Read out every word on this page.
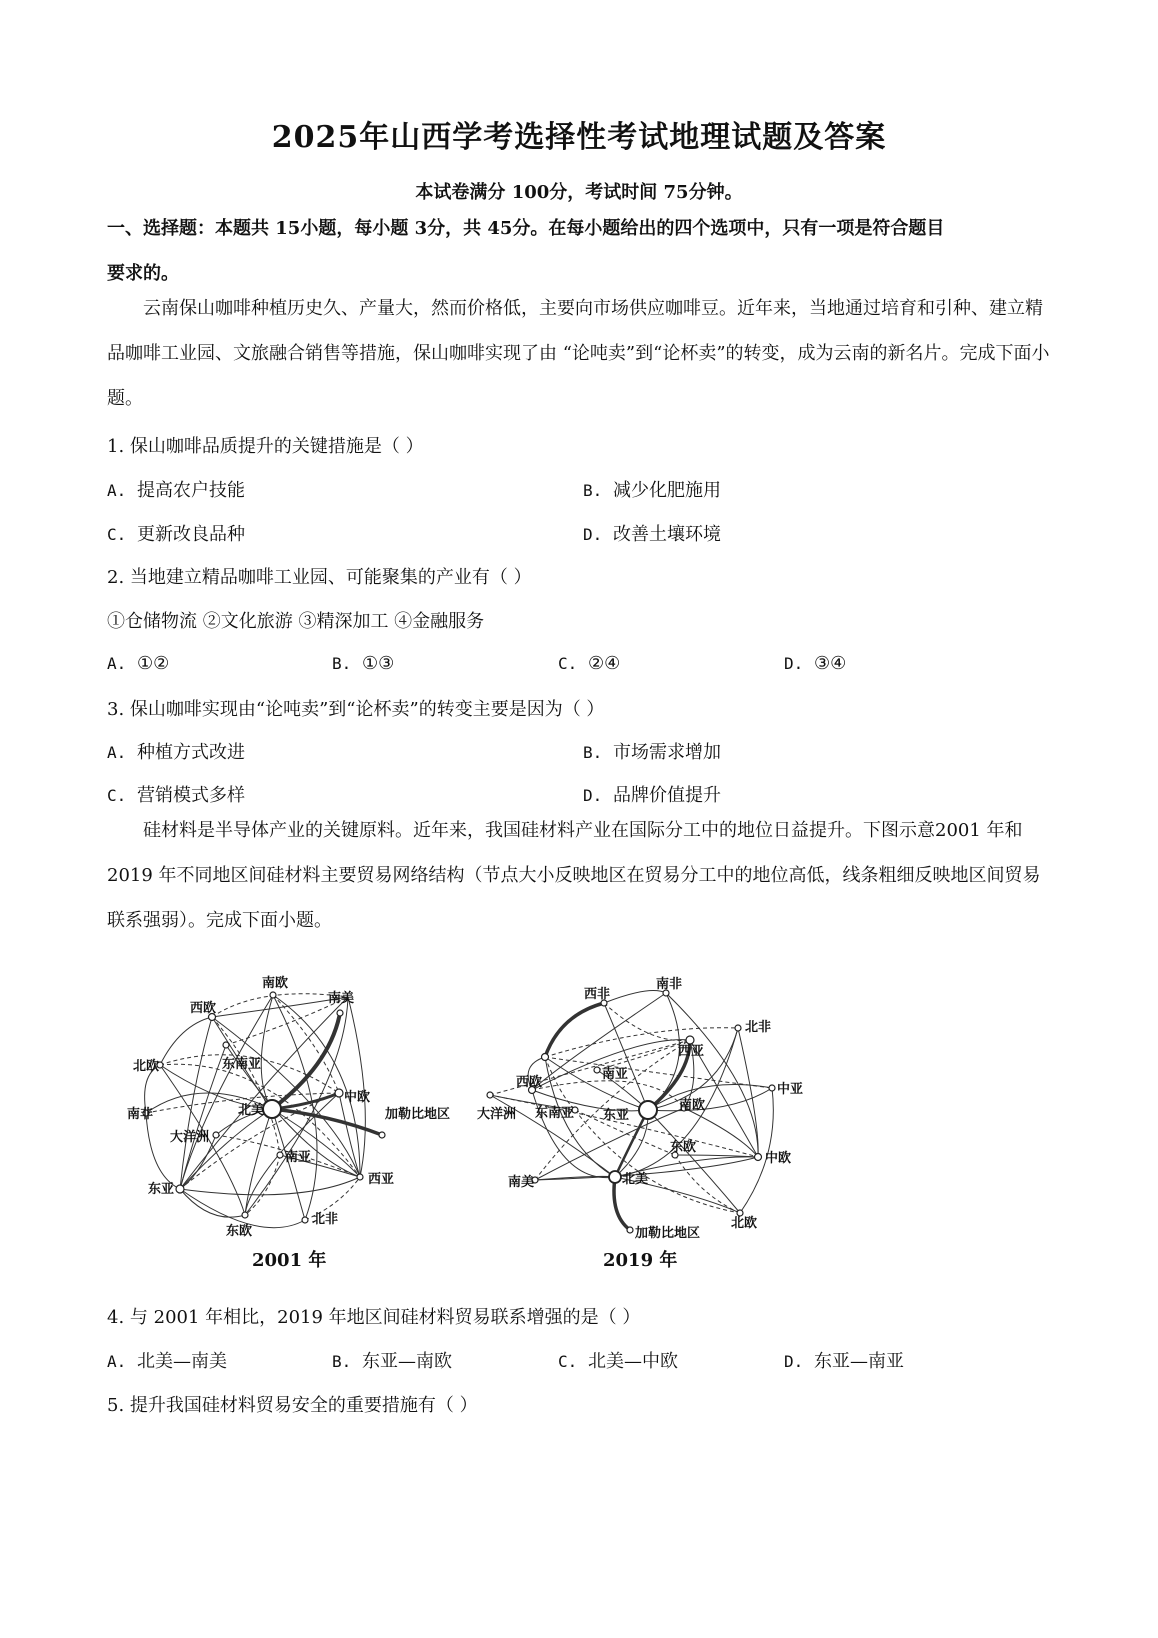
2025年山西学考选择性考试地理试题及答案
本试卷满分 100分，考试时间 75分钟。
一、选择题：本题共 15小题，每小题 3分，共 45分。在每小题给出的四个选项中，只有一项是符合题目
要求的。
云南保山咖啡种植历史久、产量大，然而价格低，主要向市场供应咖啡豆。近年来，当地通过培育和引种、建立精品咖啡工业园、文旅融合销售等措施，保山咖啡实现了由 “论吨卖”到“论杯卖”的转变，成为云南的新名片。完成下面小题。
1. 保山咖啡品质提升的关键措施是（ ）
A. 提高农户技能	B. 减少化肥施用
C. 更新改良品种	D. 改善土壤环境
2. 当地建立精品咖啡工业园、可能聚集的产业有（ ）
①仓储物流 ②文化旅游 ③精深加工 ④金融服务
A. ①②	B. ①③	C. ②④	D. ③④
3. 保山咖啡实现由“论吨卖”到“论杯卖”的转变主要是因为（ ）
A. 种植方式改进	B. 市场需求增加
C. 营销模式多样	D. 品牌价值提升
硅材料是半导体产业的关键原料。近年来，我国硅材料产业在国际分工中的地位日益提升。下图示意2001 年和 2019 年不同地区间硅材料主要贸易网络结构（节点大小反映地区在贸易分工中的地位高低，线条粗细反映地区间贸易联系强弱）。完成下面小题。
南欧
西欧
南美
北欧	东南亚
南非	北美
中欧
加勒比地区
大洋洲
南亚
西亚
东亚
东欧
北非
2001 年
西非
南非
北非
西欧
南亚
西亚
中亚
大洋洲 东南亚 东亚
南欧
东欧
中欧
南美	北美
北欧
加勒比地区
2019 年
4. 与 2001 年相比，2019 年地区间硅材料贸易联系增强的是（ ）
A. 北美—南美	B. 东亚—南欧	C. 北美—中欧	D. 东亚—南亚
5. 提升我国硅材料贸易安全的重要措施有（ ）
